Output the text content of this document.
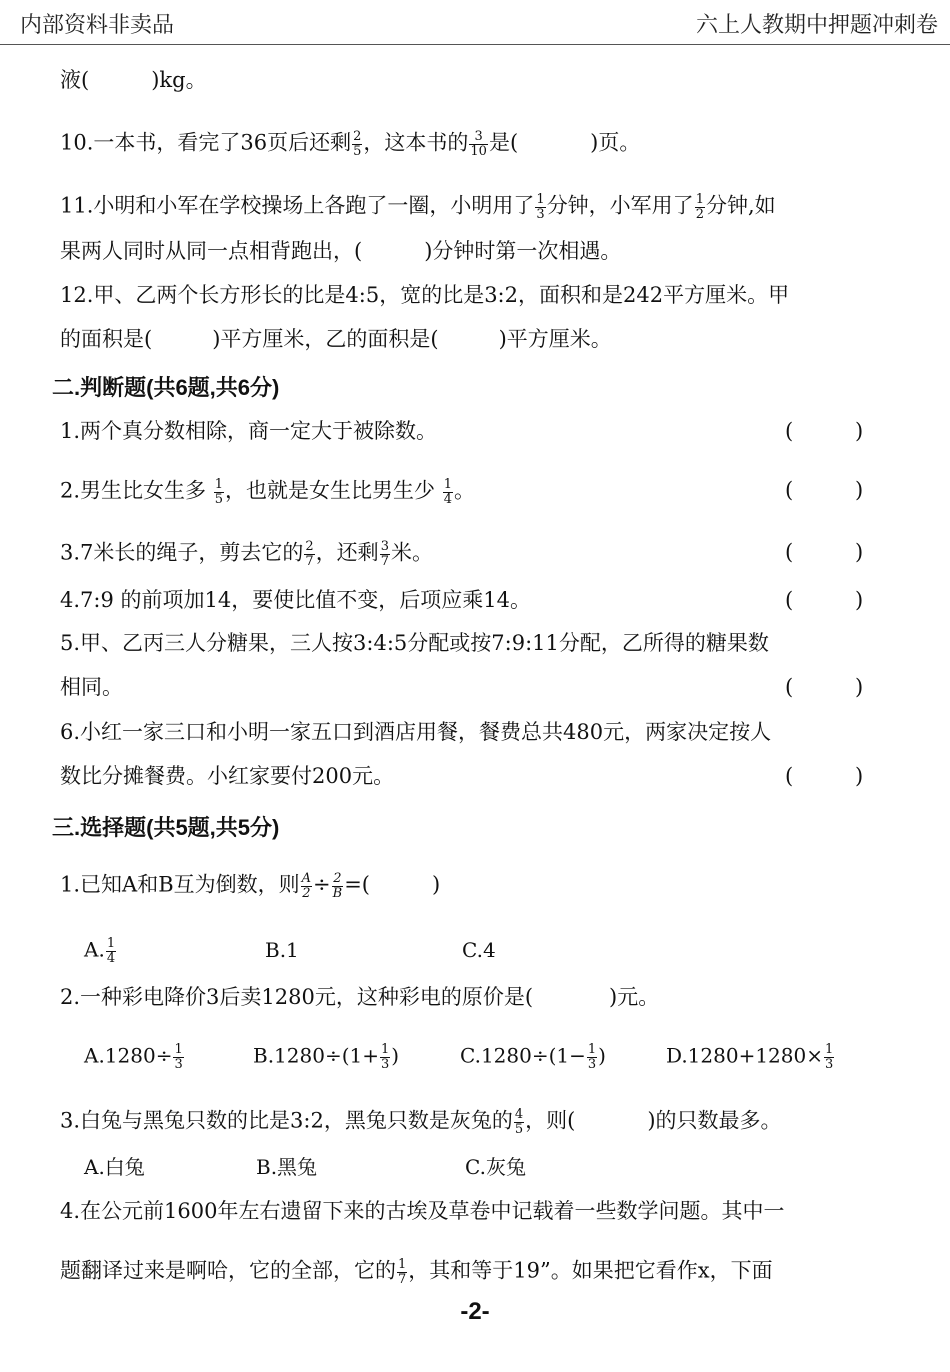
内部资料非卖品	六上人教期中押题冲刺卷
液(	)kg。
10.一本书，看完了36页后还剩 $\frac{2}{5}$ ，这本书的 $\frac{3}{10}$ 是(	)页。
11.小明和小军在学校操场上各跑了一圈，小明用了 $\frac{1}{3}$ 分钟，小军用了 $\frac{1}{2}$ 分钟,如
果两人同时从同一点相背跑出，(	)分钟时第一次相遇。
12.甲、乙两个长方形长的比是4:5，宽的比是3:2，面积和是242平方厘米。甲
的面积是(	)平方厘米，乙的面积是(	)平方厘米。
二.判断题(共6题,共6分)
1.两个真分数相除，商一定大于被除数。	(	)
2.男生比女生多 $\frac{1}{5}$ ，也就是女生比男生少 $\frac{1}{4}$ 。	(	)
3.7米长的绳子，剪去它的 $\frac{2}{7}$ ，还剩 $\frac{3}{7}$ 米。	(	)
4.7:9 的前项加14，要使比值不变，后项应乘14。	(	)
5.甲、乙丙三人分糖果，三人按3:4:5分配或按7:9:11分配，乙所得的糖果数
相同。	(	)
6.小红一家三口和小明一家五口到酒店用餐，餐费总共480元，两家决定按人
数比分摊餐费。小红家要付200元。	(	)
三.选择题(共5题,共5分)
1.已知A和B互为倒数，则 $\frac{A}{2} \div \frac{2}{B}$ =(	)
A. $\frac{1}{4}$	B.1	C.4
2.一种彩电降价3后卖1280元，这种彩电的原价是(	)元。
$A.1280\div \frac{1}{3}$	$B.1280\div(1+ \frac{1}{3}$ )	$C.1280\div(1- \frac{1}{3}$ )	$D.1280+1280\times \frac{1}{3}$
3.白兔与黑兔只数的比是3:2，黑兔只数是灰兔的 $\frac{4}{5}$ ，则(	)的只数最多。
A.白兔	B.黑兔	C.灰兔
4.在公元前1600年左右遗留下来的古埃及草卷中记载着一些数学问题。其中一
题翻译过来是啊哈，它的全部，它的 $\frac{1}{7}$ ，其和等于19”。如果把它看作x，下面
-2-
